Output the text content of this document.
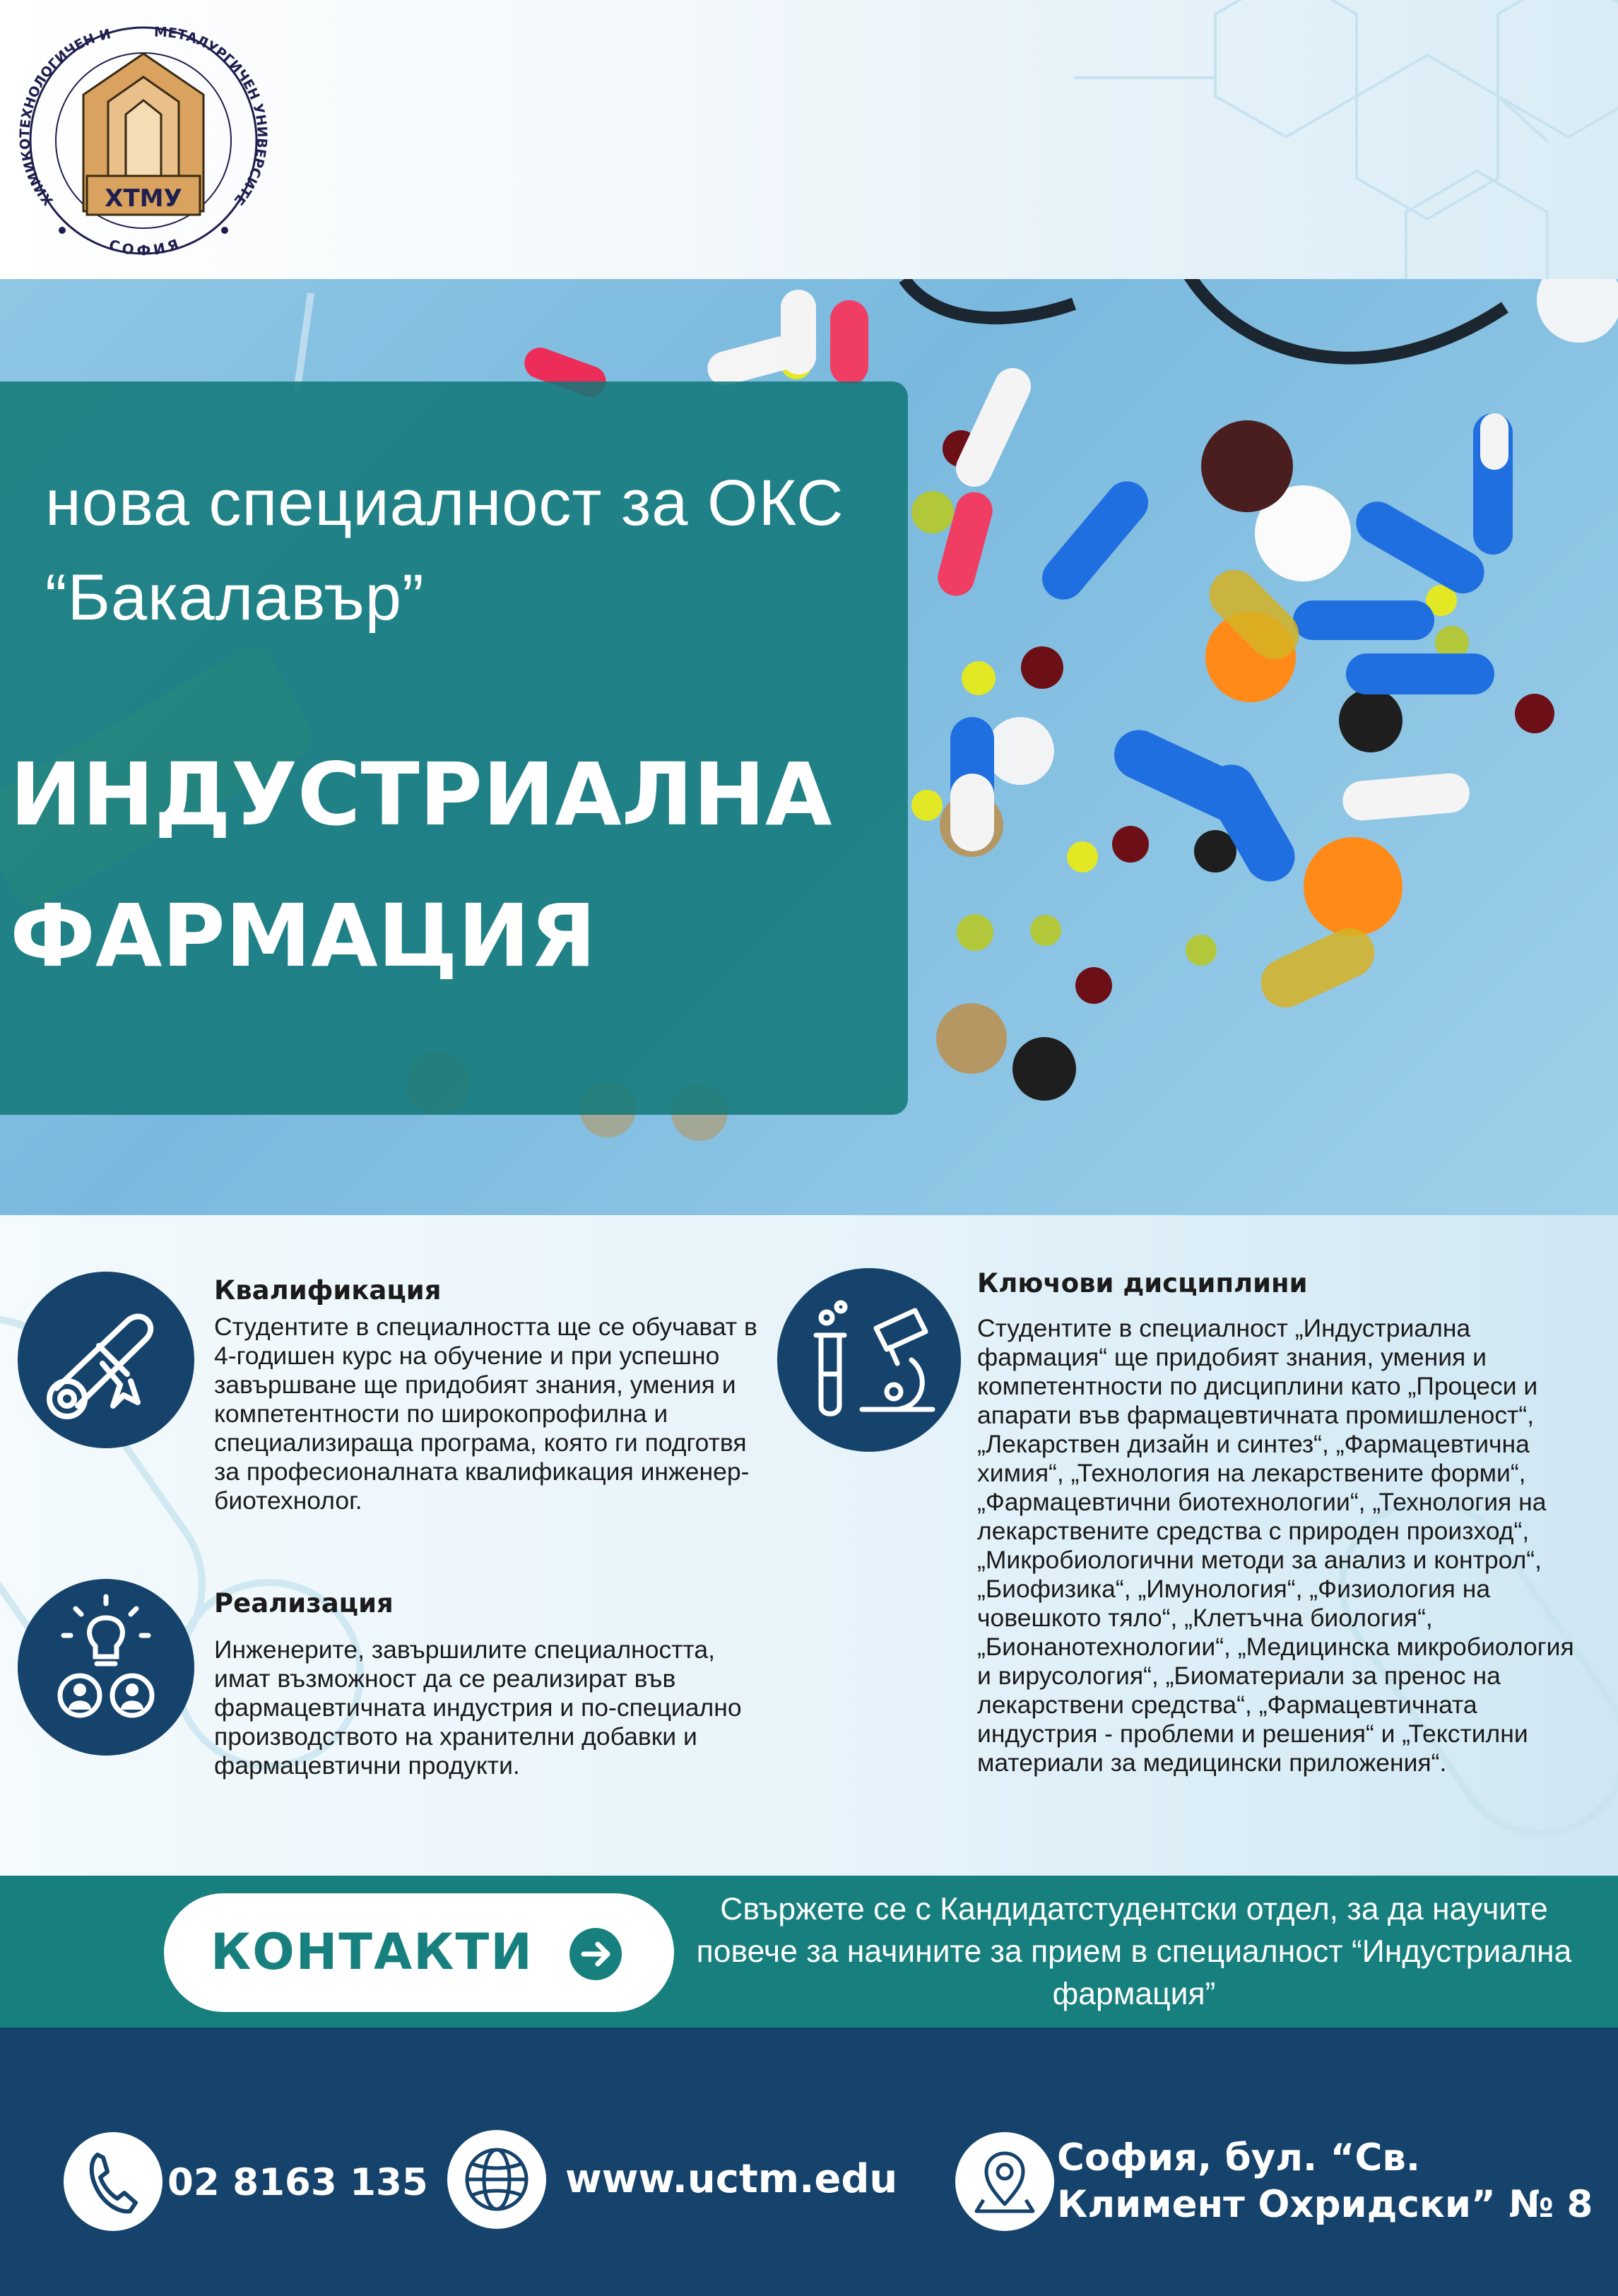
ХИМИКОТЕХНОЛОГИЧЕН И	МЕТАЛУРГИЧЕН УНИВЕРСИТЕ
ХТМУ
СОФИЯ
нова специалност за ОКС “Бакалавър”
ИНДУСТРИАЛНА
ФАРМАЦИЯ
Квалификация
Студентите в специалността ще се обучават в 4-годишен курс на обучение и при успешно завършване ще придобият знания, умения и компетентности по широкопрофилна и специализираща програма, която ги подготвя за професионалната квалификация инженер-биотехнолог.
Реализация
Инженерите, завършилите специалността, имат възможност да се реализират във фармацевтичната индустрия и по-специално производството на хранителни добавки и фармацевтични продукти.
Ключови дисциплини
Студентите в специалност „Индустриална фармация“ ще придобият знания, умения и компетентности по дисциплини като „Процеси и апарати във фармацевтичната промишленост“, „Лекарствен дизайн и синтез“, „Фармацевтична химия“, „Технология на лекарствените форми“, „Фармацевтични биотехнологии“, „Технология на лекарствените средства с природен произход“,„Микробиологични методи за анализ и контрол“, „Биофизика“, „Имунология“, „Физиология на човешкото тяло“, „Клетъчна биология“, „Бионанотехнологии“, „Медицинска микробиология и вирусология“, „Биоматериали за пренос на лекарствени средства“, „Фармацевтичната индустрия - проблеми и решения“ и „Текстилни материали за медицински приложения“.
КОНТАКТИ
Свържете се с Кандидатстудентски отдел, за да научите повече за начините за прием в специалност “Индустриална фармация”
02 8163 135	www.uctm.edu	София, бул. “Св. Климент Охридски” № 8
